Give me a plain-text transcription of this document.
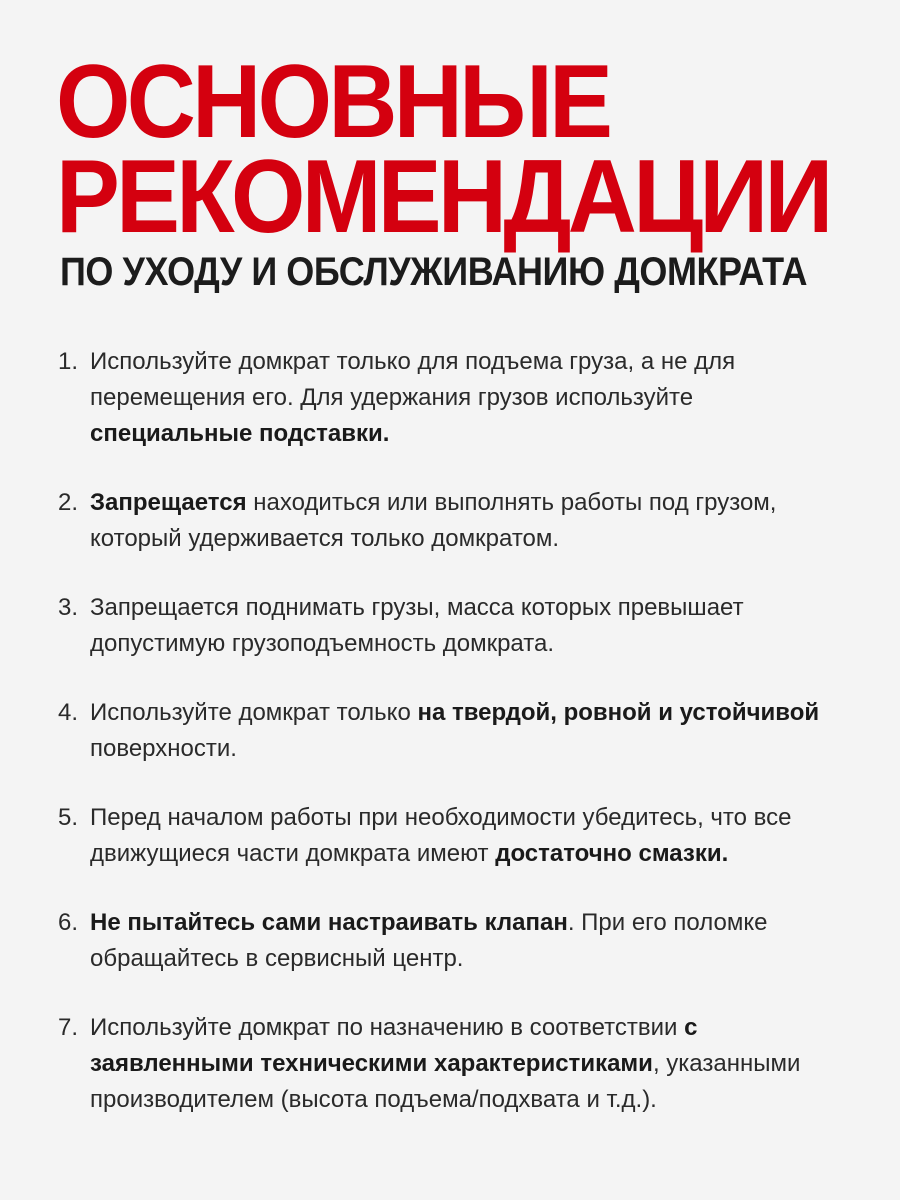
ОСНОВНЫЕ
РЕКОМЕНДАЦИИ
ПО УХОДУ И ОБСЛУЖИВАНИЮ ДОМКРАТА
1. Используйте домкрат только для подъема груза, а не для перемещения его. Для удержания грузов используйте специальные подставки.
2. Запрещается находиться или выполнять работы под грузом, который удерживается только домкратом.
3. Запрещается поднимать грузы, масса которых превышает допустимую грузоподъемность домкрата.
4. Используйте домкрат только на твердой, ровной и устойчивой поверхности.
5. Перед началом работы при необходимости убедитесь, что все движущиеся части домкрата имеют достаточно смазки.
6. Не пытайтесь сами настраивать клапан. При его поломке обращайтесь в сервисный центр.
7. Используйте домкрат по назначению в соответствии с заявленными техническими характеристиками, указанными производителем (высота подъема/подхвата и т.д.).
